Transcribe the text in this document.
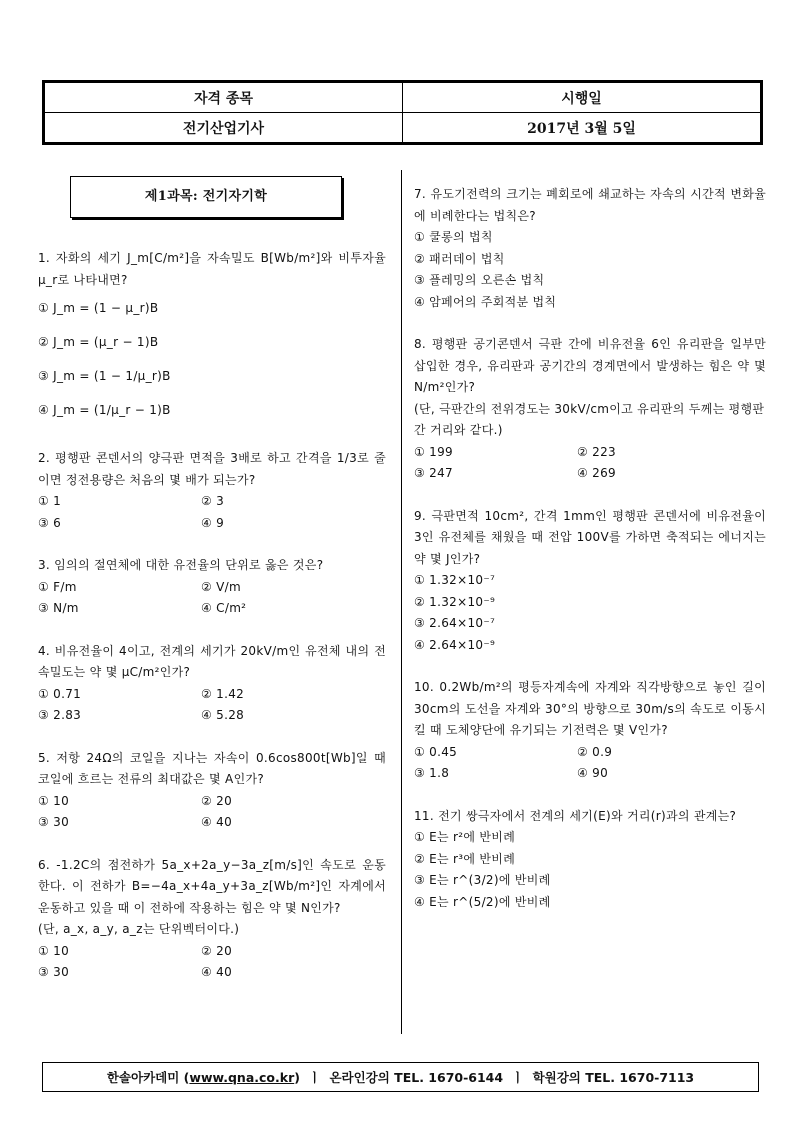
자격 종목	시행일
전기산업기사	2017년 3월 5일
제1과목: 전기자기학
1. 자화의 세기 J_m[C/m²]을 자속밀도 B[Wb/m²]와 비투자율 μ_r로 나타내면?
① J_m = (1 − μ_r)B
② J_m = (μ_r − 1)B
③ J_m = (1 − 1/μ_r)B
④ J_m = (1/μ_r − 1)B
2. 평행판 콘덴서의 양극판 면적을 3배로 하고 간격을 1/3로 줄이면 정전용량은 처음의 몇 배가 되는가?
① 1	② 3
③ 6	④ 9
3. 임의의 절연체에 대한 유전율의 단위로 옳은 것은?
① F/m	② V/m
③ N/m	④ C/m²
4. 비유전율이 4이고, 전계의 세기가 20kV/m인 유전체 내의 전속밀도는 약 몇 μC/m²인가?
① 0.71	② 1.42
③ 2.83	④ 5.28
5. 저항 24Ω의 코일을 지나는 자속이 0.6cos800t[Wb]일 때 코일에 흐르는 전류의 최대값은 몇 A인가?
① 10	② 20
③ 30	④ 40
6. -1.2C의 점전하가 5a_x+2a_y−3a_z[m/s]인 속도로 운동한다. 이 전하가 B=−4a_x+4a_y+3a_z[Wb/m²]인 자계에서 운동하고 있을 때 이 전하에 작용하는 힘은 약 몇 N인가?
(단, a_x, a_y, a_z는 단위벡터이다.)
① 10	② 20
③ 30	④ 40
7. 유도기전력의 크기는 폐회로에 쇄교하는 자속의 시간적 변화율에 비례한다는 법칙은?
① 쿨롱의 법칙
② 패러데이 법칙
③ 플레밍의 오른손 법칙
④ 암페어의 주회적분 법칙
8. 평행판 공기콘덴서 극판 간에 비유전율 6인 유리판을 일부만 삽입한 경우, 유리판과 공기간의 경계면에서 발생하는 힘은 약 몇 N/m²인가?
(단, 극판간의 전위경도는 30kV/cm이고 유리판의 두께는 평행판 간 거리와 같다.)
① 199	② 223
③ 247	④ 269
9. 극판면적 10cm², 간격 1mm인 평행판 콘덴서에 비유전율이 3인 유전체를 채웠을 때 전압 100V를 가하면 축적되는 에너지는 약 몇 J인가?
① 1.32×10⁻⁷
② 1.32×10⁻⁹
③ 2.64×10⁻⁷
④ 2.64×10⁻⁹
10. 0.2Wb/m²의 평등자계속에 자계와 직각방향으로 놓인 길이 30cm의 도선을 자계와 30°의 방향으로 30m/s의 속도로 이동시킬 때 도체양단에 유기되는 기전력은 몇 V인가?
① 0.45	② 0.9
③ 1.8	④ 90
11. 전기 쌍극자에서 전계의 세기(E)와 거리(r)과의 관계는?
① E는 r²에 반비례
② E는 r³에 반비례
③ E는 r^(3/2)에 반비례
④ E는 r^(5/2)에 반비례
한솔아카데미 ( www.qna.co.kr )  ㅣ 온라인강의 TEL. 1670-6144 ㅣ 학원강의 TEL. 1670-7113
